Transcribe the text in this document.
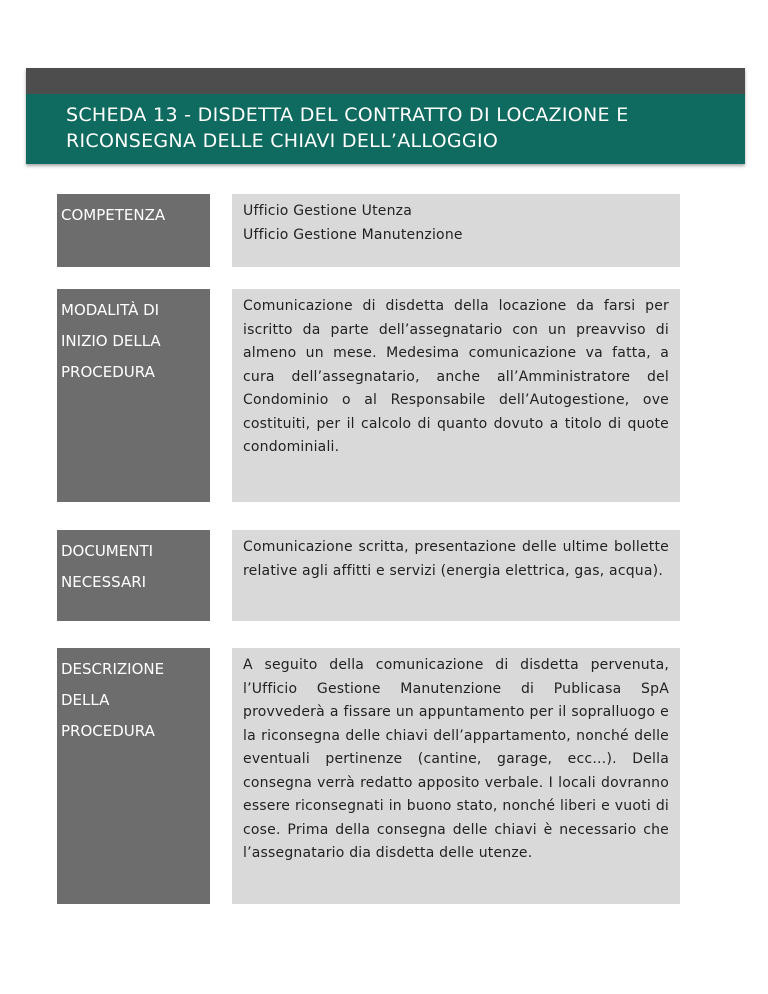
SCHEDA 13 - DISDETTA DEL CONTRATTO DI LOCAZIONE E
RICONSEGNA DELLE CHIAVI DELL’ALLOGGIO
COMPETENZA	Ufficio Gestione Utenza
Ufficio Gestione Manutenzione
MODALITÀ DI
INIZIO DELLA
PROCEDURA
Comunicazione di disdetta della locazione da farsi per iscritto da parte dell’assegnatario con un preavviso di almeno un mese. Medesima comunicazione va fatta, a cura dell’assegnatario, anche all’Amministratore del Condominio o al Responsabile dell’Autogestione, ove costituiti, per il calcolo di quanto dovuto a titolo di quote condominiali.
DOCUMENTI
NECESSARI
Comunicazione scritta, presentazione delle ultime bollette relative agli affitti e servizi (energia elettrica, gas, acqua).
DESCRIZIONE
DELLA
PROCEDURA
A seguito della comunicazione di disdetta pervenuta, l’Ufficio Gestione Manutenzione di Publicasa SpA provvederà a fissare un appuntamento per il sopralluogo e la riconsegna delle chiavi dell’appartamento, nonché delle eventuali pertinenze (cantine, garage, ecc…). Della consegna verrà redatto apposito verbale. I locali dovranno essere riconsegnati in buono stato, nonché liberi e vuoti di cose. Prima della consegna delle chiavi è necessario che l’assegnatario dia disdetta delle utenze.
